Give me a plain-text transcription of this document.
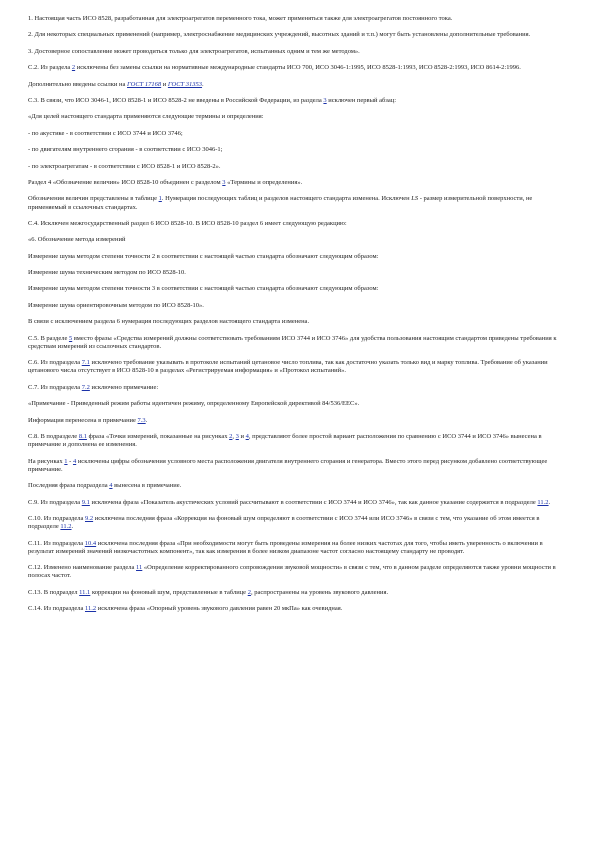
1. Настоящая часть ИСО 8528, разработанная для электроагрегатов переменного тока, может применяться также для электроагрегатов постоянного тока.

2. Для некоторых специальных применений (например, электроснабжение медицинских учреждений, высотных зданий и т.п.) могут быть установлены дополнительные требования.

3. Достоверное сопоставление может проводиться только для электроагрегатов, испытанных одним и тем же методом».

С.2. Из раздела 2 исключены без замены ссылки на нормативные международные стандарты ИСО 700, ИСО 3046-1:1995, ИСО 8528-1:1993, ИСО 8528-2:1993, ИСО 8614-2:1996.

Дополнительно введены ссылки на ГОСТ 17168 и ГОСТ 31353.

С.3. В связи, что ИСО 3046-1, ИСО 8528-1 и ИСО 8528-2 не введены в Российской Федерации, из раздела 3 исключен первый абзац:

«Для целей настоящего стандарта применяются следующие термины и определения:

- по акустике - в соответствии с ИСО 3744 и ИСО 3746;

- по двигателям внутреннего сгорания - в соответствии с ИСО 3046-1;

- по электроагрегатам - в соответствии с ИСО 8528-1 и ИСО 8528-2».

Раздел 4 «Обозначение величин» ИСО 8528-10 объединен с разделом 3 «Термины и определения».

Обозначения величин представлены в таблице 1. Нумерация последующих таблиц и разделов настоящего стандарта изменена. Исключен LS - размер измерительной поверхности, не применяемый в ссылочных стандартах.

С.4. Исключен межгосударственный раздел 6 ИСО 8528-10. В ИСО 8528-10 раздел 6 имеет следующую редакцию:

«6. Обозначение метода измерений

Измерение шума методом степени точности 2 в соответствии с настоящей частью стандарта обозначают следующим образом:

Измерение шума техническим методом по ИСО 8528-10.

Измерение шума методом степени точности 3 в соответствии с настоящей частью стандарта обозначают следующим образом:

Измерение шума ориентировочным методом по ИСО 8528-10».

В связи с исключением раздела 6 нумерация последующих разделов настоящего стандарта изменена.

С.5. В разделе 5 вместо фразы «Средства измерений должны соответствовать требованиям ИСО 3744 и ИСО 3746» для удобства пользования настоящим стандартом приведены требования к средствам измерений из ссылочных стандартов.

С.6. Из подраздела 7.1 исключено требование указывать в протоколе испытаний цетановое число топлива, так как достаточно указать только вид и марку топлива. Требование об указании цетанового числа отсутствует в ИСО 8528-10 в разделах «Регистрируемая информация» и «Протокол испытаний».

С.7. Из подраздела 7.2 исключено примечание:

«Примечание - Приведенный режим работы идентичен режиму, определенному Европейской директивой 84/536/EEC».

Информация перенесена в примечание 7.3.

С.8. В подразделе 8.1 фраза «Точки измерений, показанные на рисунках 2, 3 и 4, представляют более простой вариант расположения по сравнению с ИСО 3744 и ИСО 3746» вынесена в примечание и дополнена ее изменения.

На рисунках 1 - 4 исключены цифры обозначения условного места расположения двигателя внутреннего сгорания и генератора. Вместо этого перед рисунком добавлено соответствующее примечание.

Последняя фраза подраздела 4 вынесена в примечание.

С.9. Из подраздела 9.1 исключена фраза «Показатель акустических условий рассчитывают в соответствии с ИСО 3744 и ИСО 3746», так как данное указание содержится в подразделе 11.2.

С.10. Из подраздела 9.2 исключена последняя фраза «Коррекция на фоновый шум определяют в соответствии с ИСО 3744 или ИСО 3746» в связи с тем, что указание об этом имеется в подразделе 11.2.

С.11. Из подраздела 10.4 исключена последняя фраза «При необходимости могут быть проведены измерения на более низких частотах для того, чтобы иметь уверенность о включении в результат измерений значений низкочастотных компонент», так как измерения в более низком диапазоне частот согласно настоящему стандарту не проводят.

С.12. Изменено наименование раздела 11 «Определение корректированного сопровождения звуковой мощности» в связи с тем, что в данном разделе определяются также уровни мощности в полосах частот.

С.13. В подраздел 11.1 коррекции на фоновый шум, представленные в таблице 2, распространены на уровень звукового давления.

С.14. Из подраздела 11.2 исключена фраза «Опорный уровень звукового давления равен 20 мкПа» как очевидная.
